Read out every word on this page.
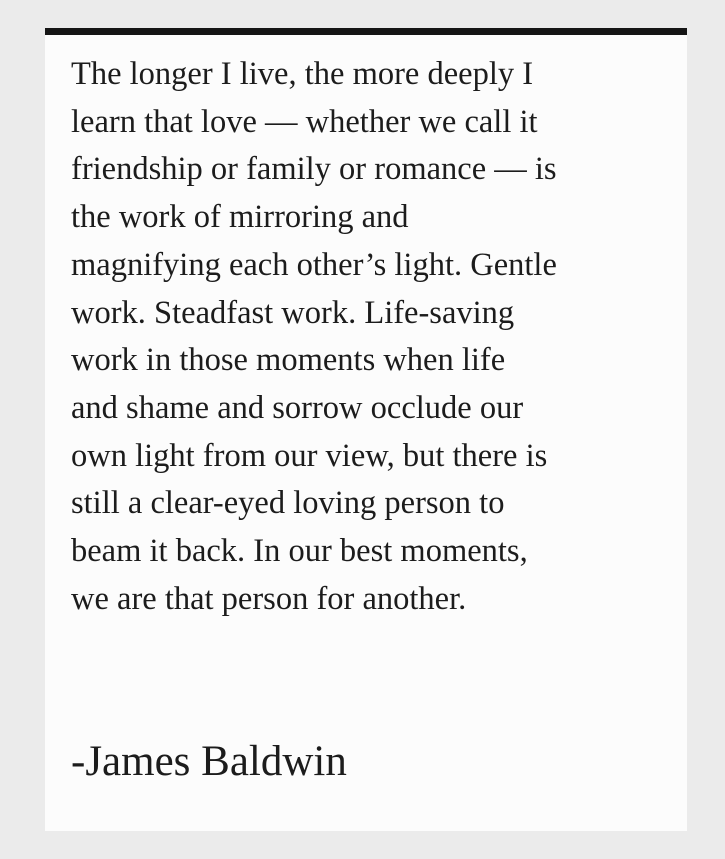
The longer I live, the more deeply I
learn that love — whether we call it
friendship or family or romance — is
the work of mirroring and
magnifying each other’s light. Gentle
work. Steadfast work. Life-saving
work in those moments when life
and shame and sorrow occlude our
own light from our view, but there is
still a clear-eyed loving person to
beam it back. In our best moments,
we are that person for another.

-James Baldwin
